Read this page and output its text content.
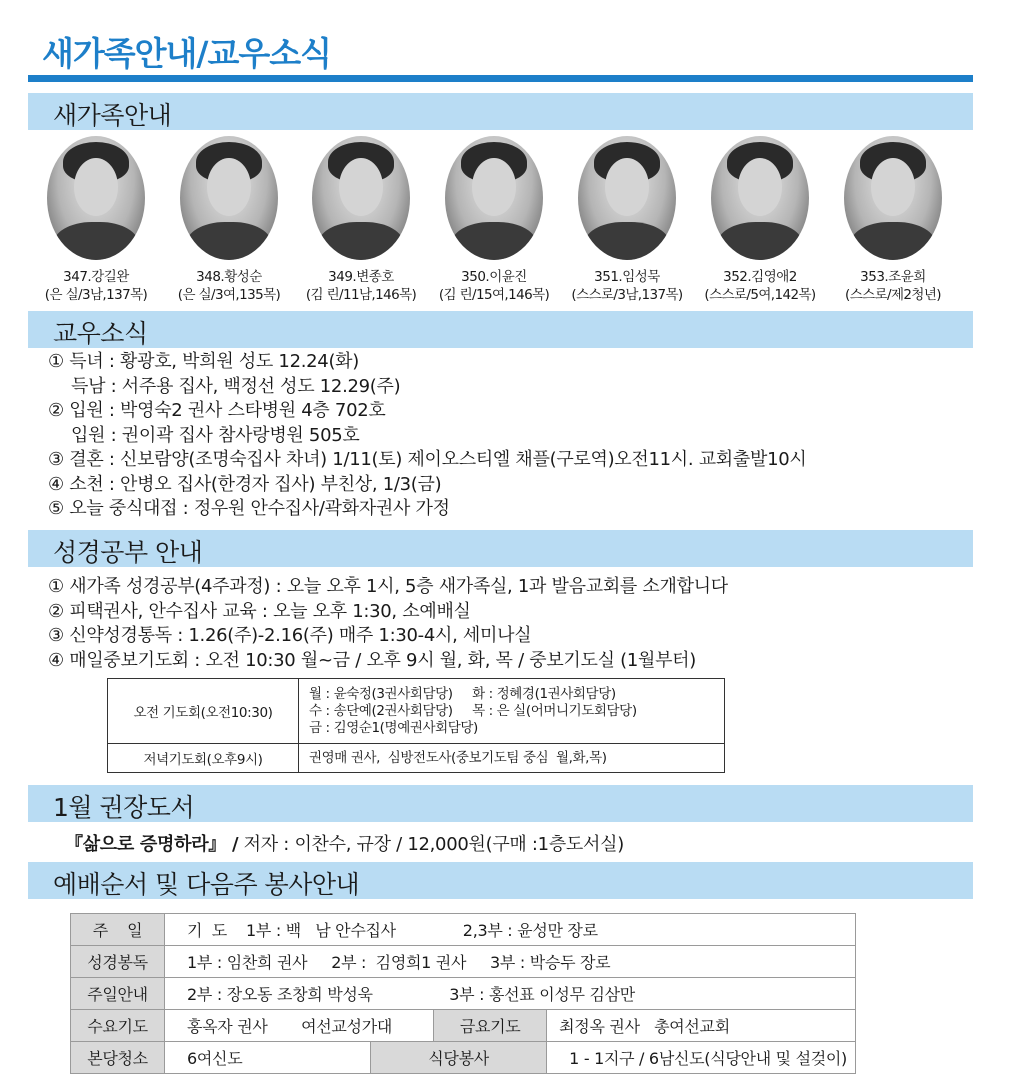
새가족안내/교우소식
새가족안내
347.강길완
(은 실/3남,137목)
348.황성순
(은 실/3여,135목)
349.변종호
(김 린/11남,146목)
350.이윤진
(김 린/15여,146목)
351.임성묵
(스스로/3남,137목)
352.김영애2
(스스로/5여,142목)
353.조윤희
(스스로/제2청년)
교우소식
① 득녀 : 황광호, 박희원 성도 12.24(화)
득남 : 서주용 집사, 백정선 성도 12.29(주)
② 입원 : 박영숙2 권사 스타병원 4층 702호
입원 : 권이곽 집사 참사랑병원 505호
③ 결혼 : 신보람양(조명숙집사 차녀) 1/11(토) 제이오스티엘 채플(구로역)오전11시. 교회출발10시
④ 소천 : 안병오 집사(한경자 집사) 부친상, 1/3(금)
⑤ 오늘 중식대접 : 정우원 안수집사/곽화자권사 가정
성경공부 안내
① 새가족 성경공부(4주과정) : 오늘 오후 1시, 5층 새가족실, 1과 발음교회를 소개합니다
② 피택권사, 안수집사 교육 : 오늘 오후 1:30, 소예배실
③ 신약성경통독 : 1.26(주)-2.16(주) 매주 1:30-4시, 세미나실
④ 매일중보기도회 : 오전 10:30 월~금 / 오후 9시 월, 화, 목 / 중보기도실 (1월부터)
오전 기도회(오전10:30)	월 : 윤숙정(3권사회담당)     화 : 정혜경(1권사회담당)
수 : 송단예(2권사회담당)     목 : 은 실(어머니기도회담당)
금 : 김영순1(명예권사회담당)

저녁기도회(오후9시)	권영매 권사,  심방전도사(중보기도팀 중심  월,화,목)
1월 권장도서
『삶으로 증명하라』 / 저자 : 이찬수, 규장 / 12,000원(구매 :1층도서실)
예배순서 및 다음주 봉사안내
주    일	기  도    1부 : 백   남 안수집사              2,3부 : 윤성만 장로			
성경봉독	1부 : 임찬희 권사     2부 :  김영희1 권사     3부 : 박승두 장로			
주일안내	2부 : 장오동 조창희 박성욱                3부 : 홍선표 이성무 김삼만			
수요기도	홍옥자 권사       여선교성가대		금요기도	최정옥 권사   총여선교회
본당청소	6여신도	식당봉사		1 - 1지구 / 6남신도(식당안내 및 설겆이)
